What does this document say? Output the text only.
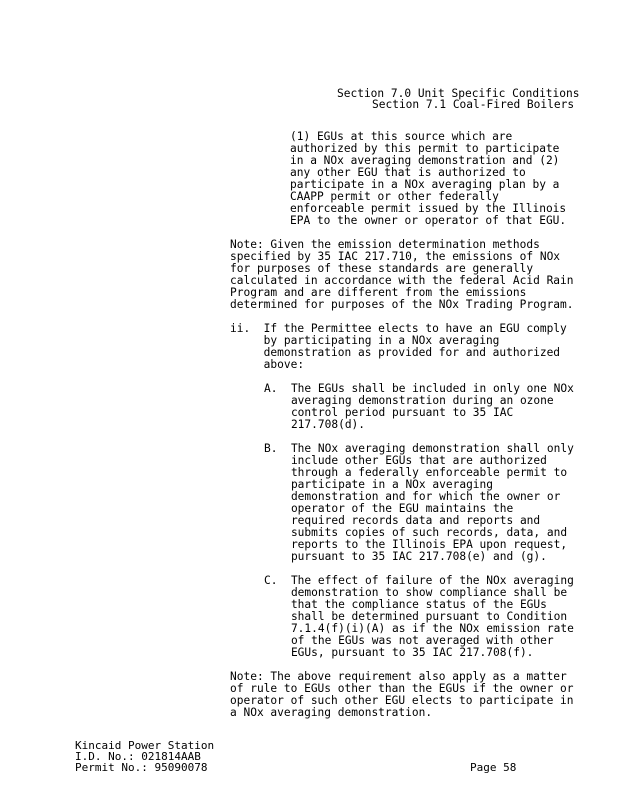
Section 7.0 Unit Specific Conditions
Section 7.1 Coal-Fired Boilers
(1) EGUs at this source which are
authorized by this permit to participate
in a NOx averaging demonstration and (2)
any other EGU that is authorized to
participate in a NOx averaging plan by a
CAAPP permit or other federally
enforceable permit issued by the Illinois
EPA to the owner or operator of that EGU.
Note: Given the emission determination methods
specified by 35 IAC 217.710, the emissions of NOx
for purposes of these standards are generally
calculated in accordance with the federal Acid Rain
Program and are different from the emissions
determined for purposes of the NOx Trading Program.
ii.  If the Permittee elects to have an EGU comply
by participating in a NOx averaging
demonstration as provided for and authorized
above:
A.  The EGUs shall be included in only one NOx
averaging demonstration during an ozone
control period pursuant to 35 IAC
217.708(d).
B.  The NOx averaging demonstration shall only
include other EGUs that are authorized
through a federally enforceable permit to
participate in a NOx averaging
demonstration and for which the owner or
operator of the EGU maintains the
required records data and reports and
submits copies of such records, data, and
reports to the Illinois EPA upon request,
pursuant to 35 IAC 217.708(e) and (g).
C.  The effect of failure of the NOx averaging
demonstration to show compliance shall be
that the compliance status of the EGUs
shall be determined pursuant to Condition
7.1.4(f)(i)(A) as if the NOx emission rate
of the EGUs was not averaged with other
EGUs, pursuant to 35 IAC 217.708(f).
Note: The above requirement also apply as a matter
of rule to EGUs other than the EGUs if the owner or
operator of such other EGU elects to participate in
a NOx averaging demonstration.
Kincaid Power Station
I.D. No.: 021814AAB
Permit No.: 95090078	Page 58
